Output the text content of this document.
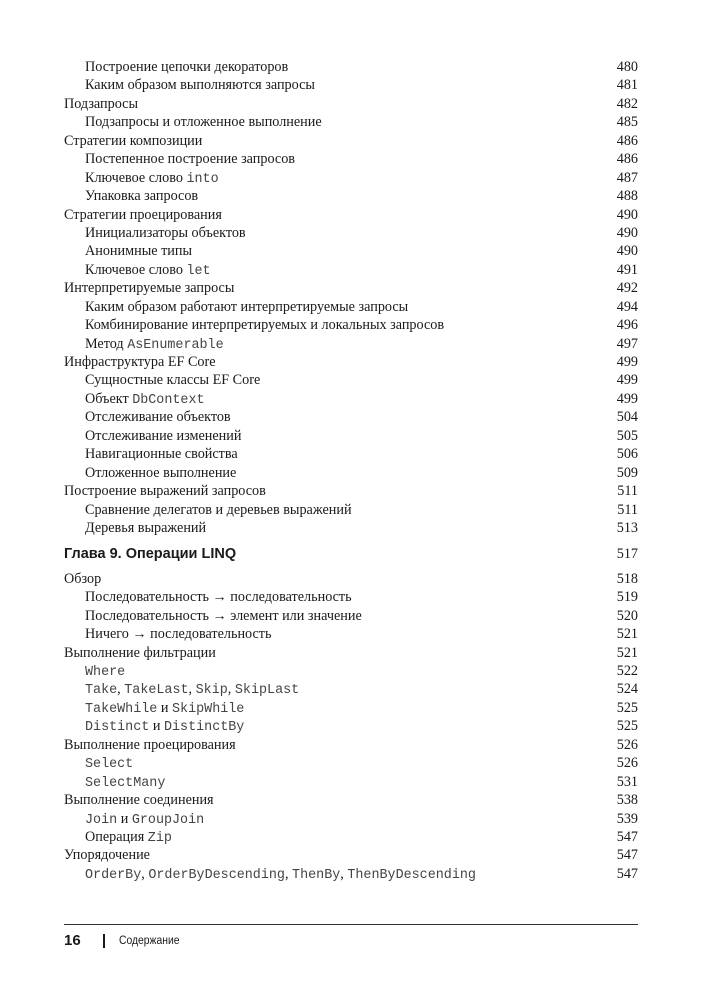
Построение цепочки декораторов	480
Каким образом выполняются запросы	481
Подзапросы	482
Подзапросы и отложенное выполнение	485
Стратегии композиции	486
Постепенное построение запросов	486
Ключевое слово into	487
Упаковка запросов	488
Стратегии проецирования	490
Инициализаторы объектов	490
Анонимные типы	490
Ключевое слово let	491
Интерпретируемые запросы	492
Каким образом работают интерпретируемые запросы	494
Комбинирование интерпретируемых и локальных запросов	496
Метод AsEnumerable	497
Инфраструктура EF Core	499
Сущностные классы EF Core	499
Объект DbContext	499
Отслеживание объектов	504
Отслеживание изменений	505
Навигационные свойства	506
Отложенное выполнение	509
Построение выражений запросов	511
Сравнение делегатов и деревьев выражений	511
Деревья выражений	513
Глава 9. Операции LINQ	517
Обзор	518
Последовательность → последовательность	519
Последовательность → элемент или значение	520
Ничего → последовательность	521
Выполнение фильтрации	521
Where	522
Take, TakeLast, Skip, SkipLast	524
TakeWhile и SkipWhile	525
Distinct и DistinctBy	525
Выполнение проецирования	526
Select	526
SelectMany	531
Выполнение соединения	538
Join и GroupJoin	539
Операция Zip	547
Упорядочение	547
OrderBy, OrderByDescending, ThenBy, ThenByDescending	547
16	Содержание
